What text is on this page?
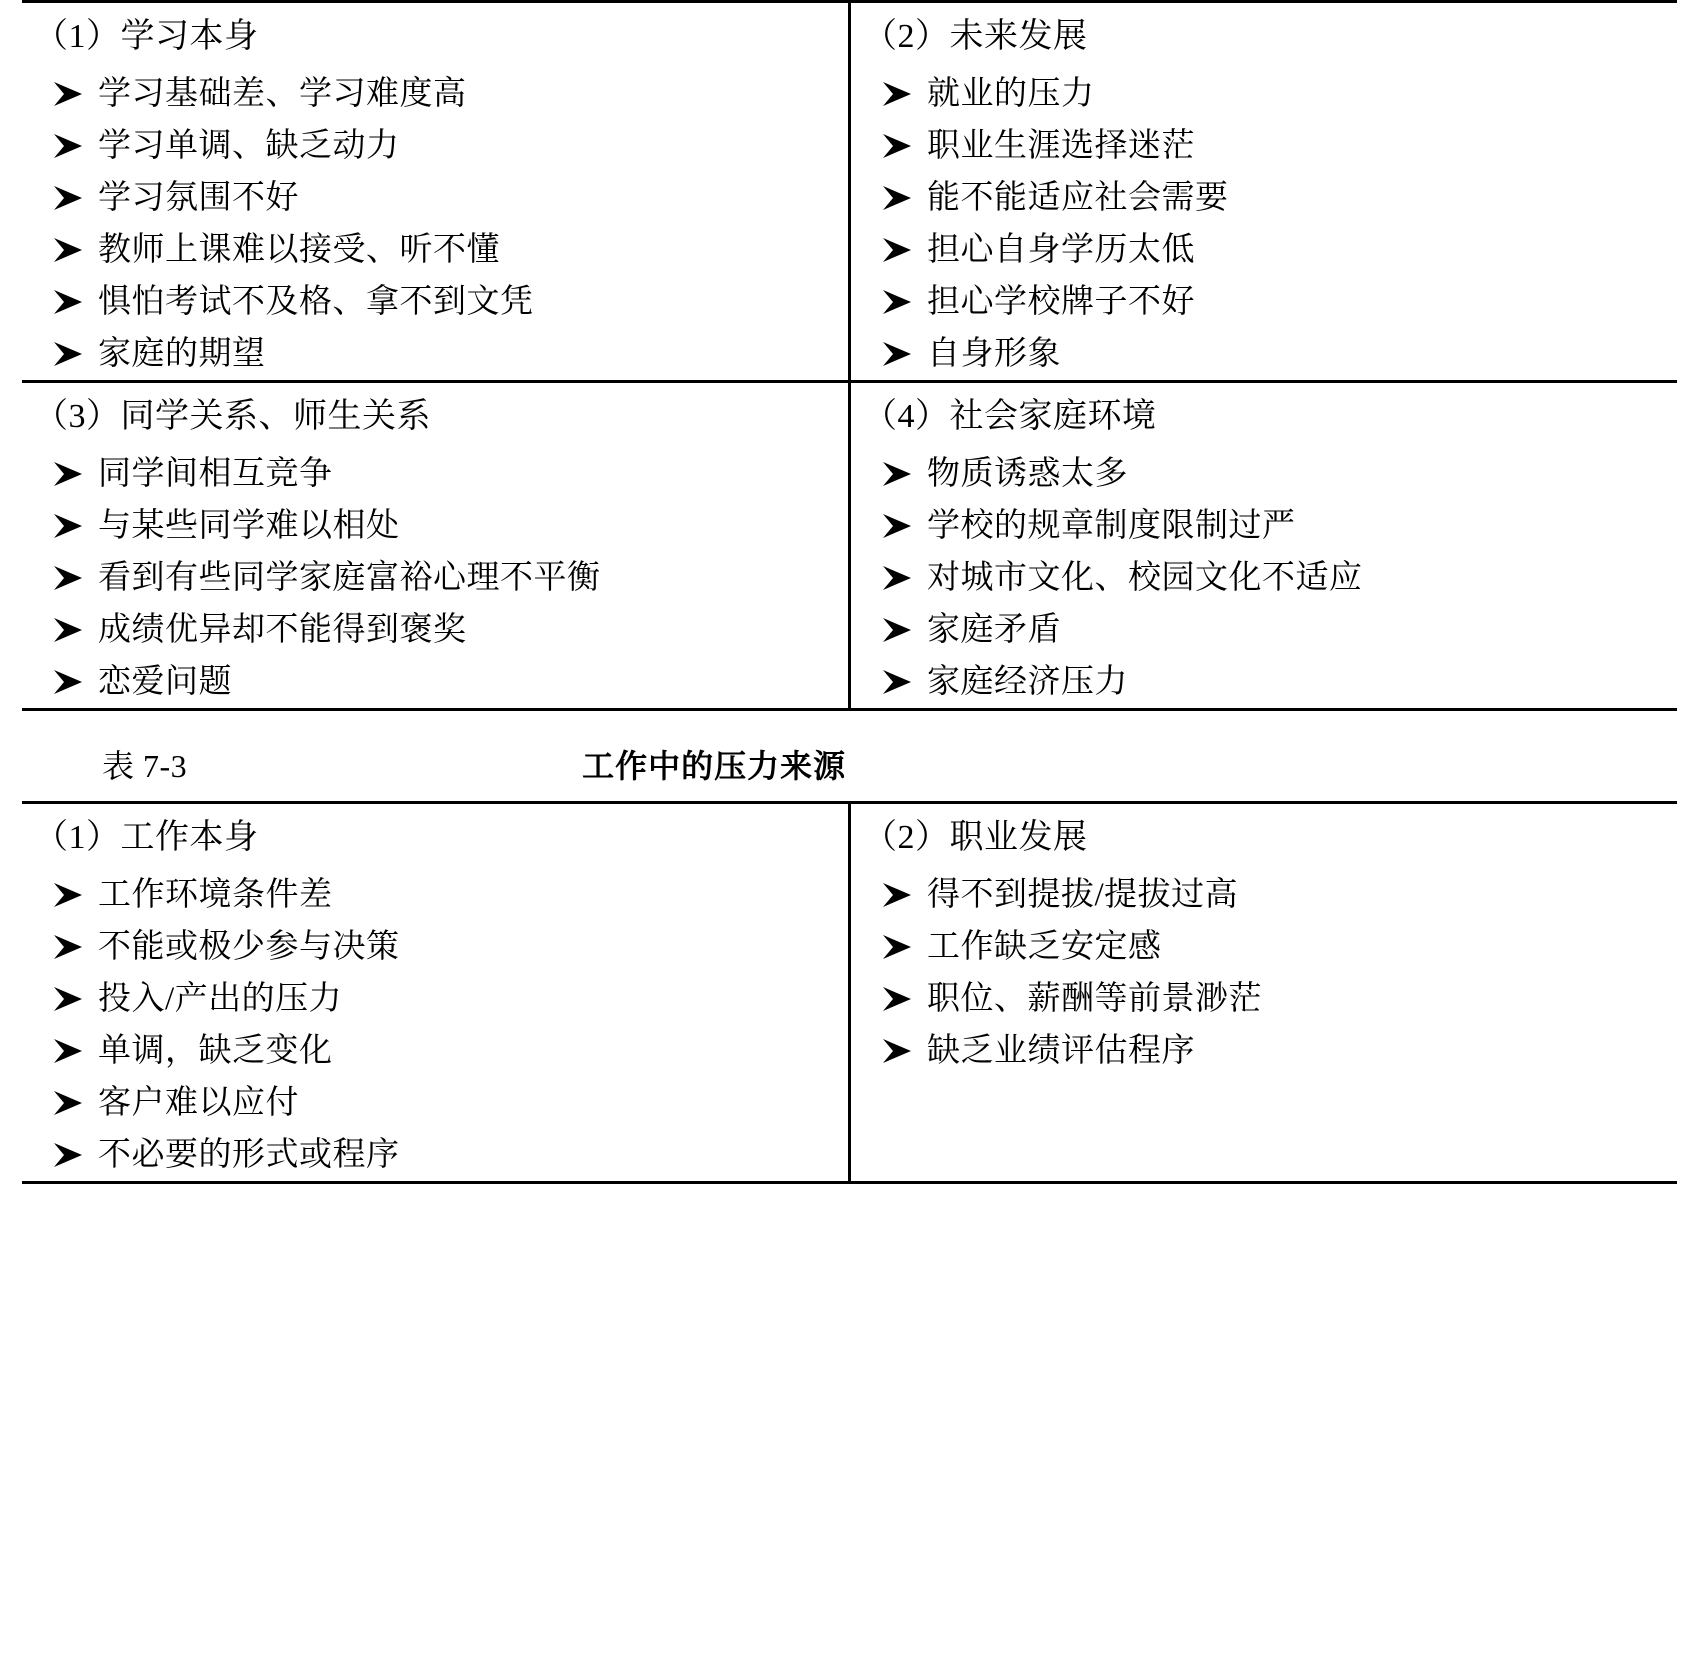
（1）学习本身
学习基础差、学习难度高
学习单调、缺乏动力
学习氛围不好
教师上课难以接受、听不懂
惧怕考试不及格、拿不到文凭
家庭的期望

（2）未来发展
就业的压力
职业生涯选择迷茫
能不能适应社会需要
担心自身学历太低
担心学校牌子不好
自身形象

（3）同学关系、师生关系
同学间相互竞争
与某些同学难以相处
看到有些同学家庭富裕心理不平衡
成绩优异却不能得到褒奖
恋爱问题

（4）社会家庭环境
物质诱惑太多
学校的规章制度限制过严
对城市文化、校园文化不适应
家庭矛盾
家庭经济压力
表 7-3	工作中的压力来源
（1）工作本身
工作环境条件差
不能或极少参与决策
投入/产出的压力
单调，缺乏变化
客户难以应付
不必要的形式或程序

（2）职业发展
得不到提拔/提拔过高
工作缺乏安定感
职位、薪酬等前景渺茫
缺乏业绩评估程序
